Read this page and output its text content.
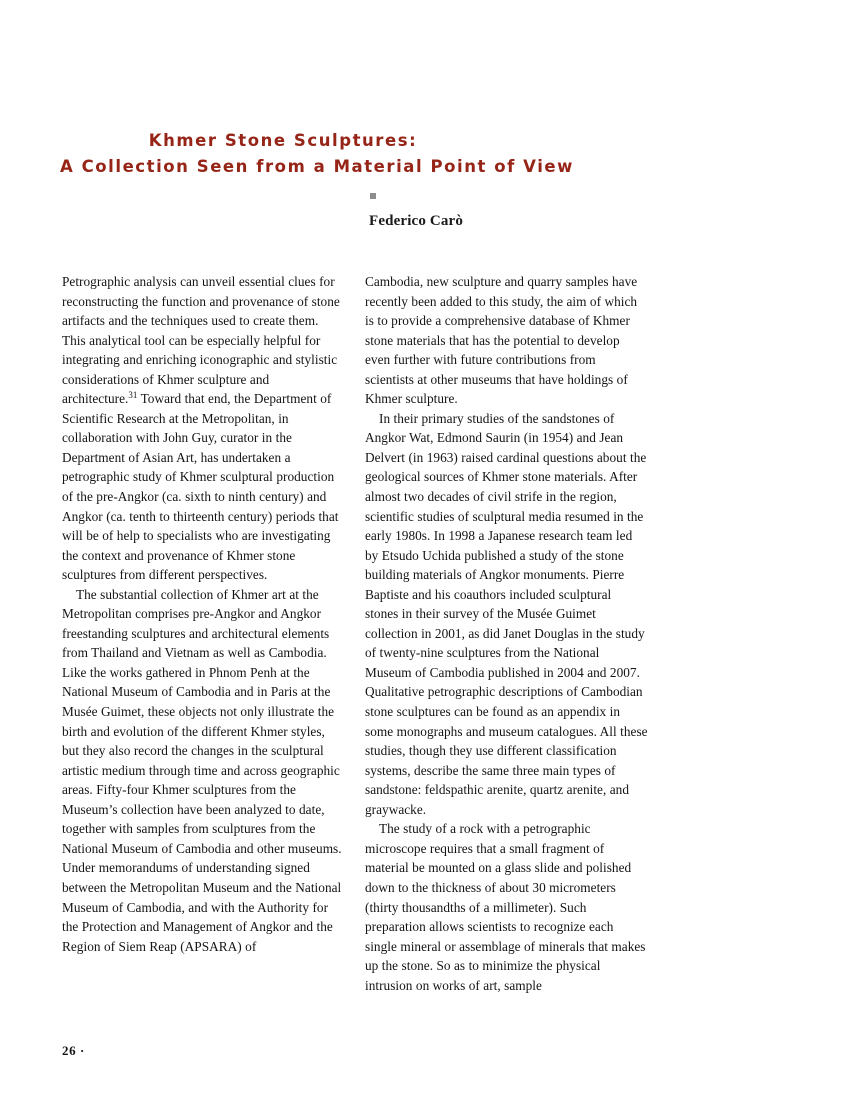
Khmer Stone Sculptures:
A Collection Seen from a Material Point of View
Federico Carò

Petrographic analysis can unveil essential clues for reconstructing the function and provenance of stone artifacts and the techniques used to create them. This analytical tool can be especially helpful for integrating and enriching iconographic and stylistic considerations of Khmer sculpture and architecture.$^{31}$ Toward that end, the Department of Scientific Research at the Metropolitan, in collaboration with John Guy, curator in the Department of Asian Art, has undertaken a petrographic study of Khmer sculptural production of the pre-Angkor (ca. sixth to ninth century) and Angkor (ca. tenth to thirteenth century) periods that will be of help to specialists who are investigating the context and provenance of Khmer stone sculptures from different perspectives.

The substantial collection of Khmer art at the Metropolitan comprises pre-Angkor and Angkor freestanding sculptures and architectural elements from Thailand and Vietnam as well as Cambodia. Like the works gathered in Phnom Penh at the National Museum of Cambodia and in Paris at the Musée Guimet, these objects not only illustrate the birth and evolution of the different Khmer styles, but they also record the changes in the sculptural artistic medium through time and across geographic areas. Fifty-four Khmer sculptures from the Museum’s collection have been analyzed to date, together with samples from sculptures from the National Museum of Cambodia and other museums. Under memorandums of understanding signed between the Metropolitan Museum and the National Museum of Cambodia, and with the Authority for the Protection and Management of Angkor and the Region of Siem Reap (APSARA) of

Cambodia, new sculpture and quarry samples have recently been added to this study, the aim of which is to provide a comprehensive database of Khmer stone materials that has the potential to develop even further with future contributions from scientists at other museums that have holdings of Khmer sculpture.

In their primary studies of the sandstones of Angkor Wat, Edmond Saurin (in 1954) and Jean Delvert (in 1963) raised cardinal questions about the geological sources of Khmer stone materials. After almost two decades of civil strife in the region, scientific studies of sculptural media resumed in the early 1980s. In 1998 a Japanese research team led by Etsudo Uchida published a study of the stone building materials of Angkor monuments. Pierre Baptiste and his coauthors included sculptural stones in their survey of the Musée Guimet collection in 2001, as did Janet Douglas in the study of twenty-nine sculptures from the National Museum of Cambodia published in 2004 and 2007. Qualitative petrographic descriptions of Cambodian stone sculptures can be found as an appendix in some monographs and museum catalogues. All these studies, though they use different classification systems, describe the same three main types of sandstone: feldspathic arenite, quartz arenite, and graywacke.

The study of a rock with a petrographic microscope requires that a small fragment of material be mounted on a glass slide and polished down to the thickness of about 30 micrometers (thirty thousandths of a millimeter). Such preparation allows scientists to recognize each single mineral or assemblage of minerals that makes up the stone. So as to minimize the physical intrusion on works of art, sample

26 ·
